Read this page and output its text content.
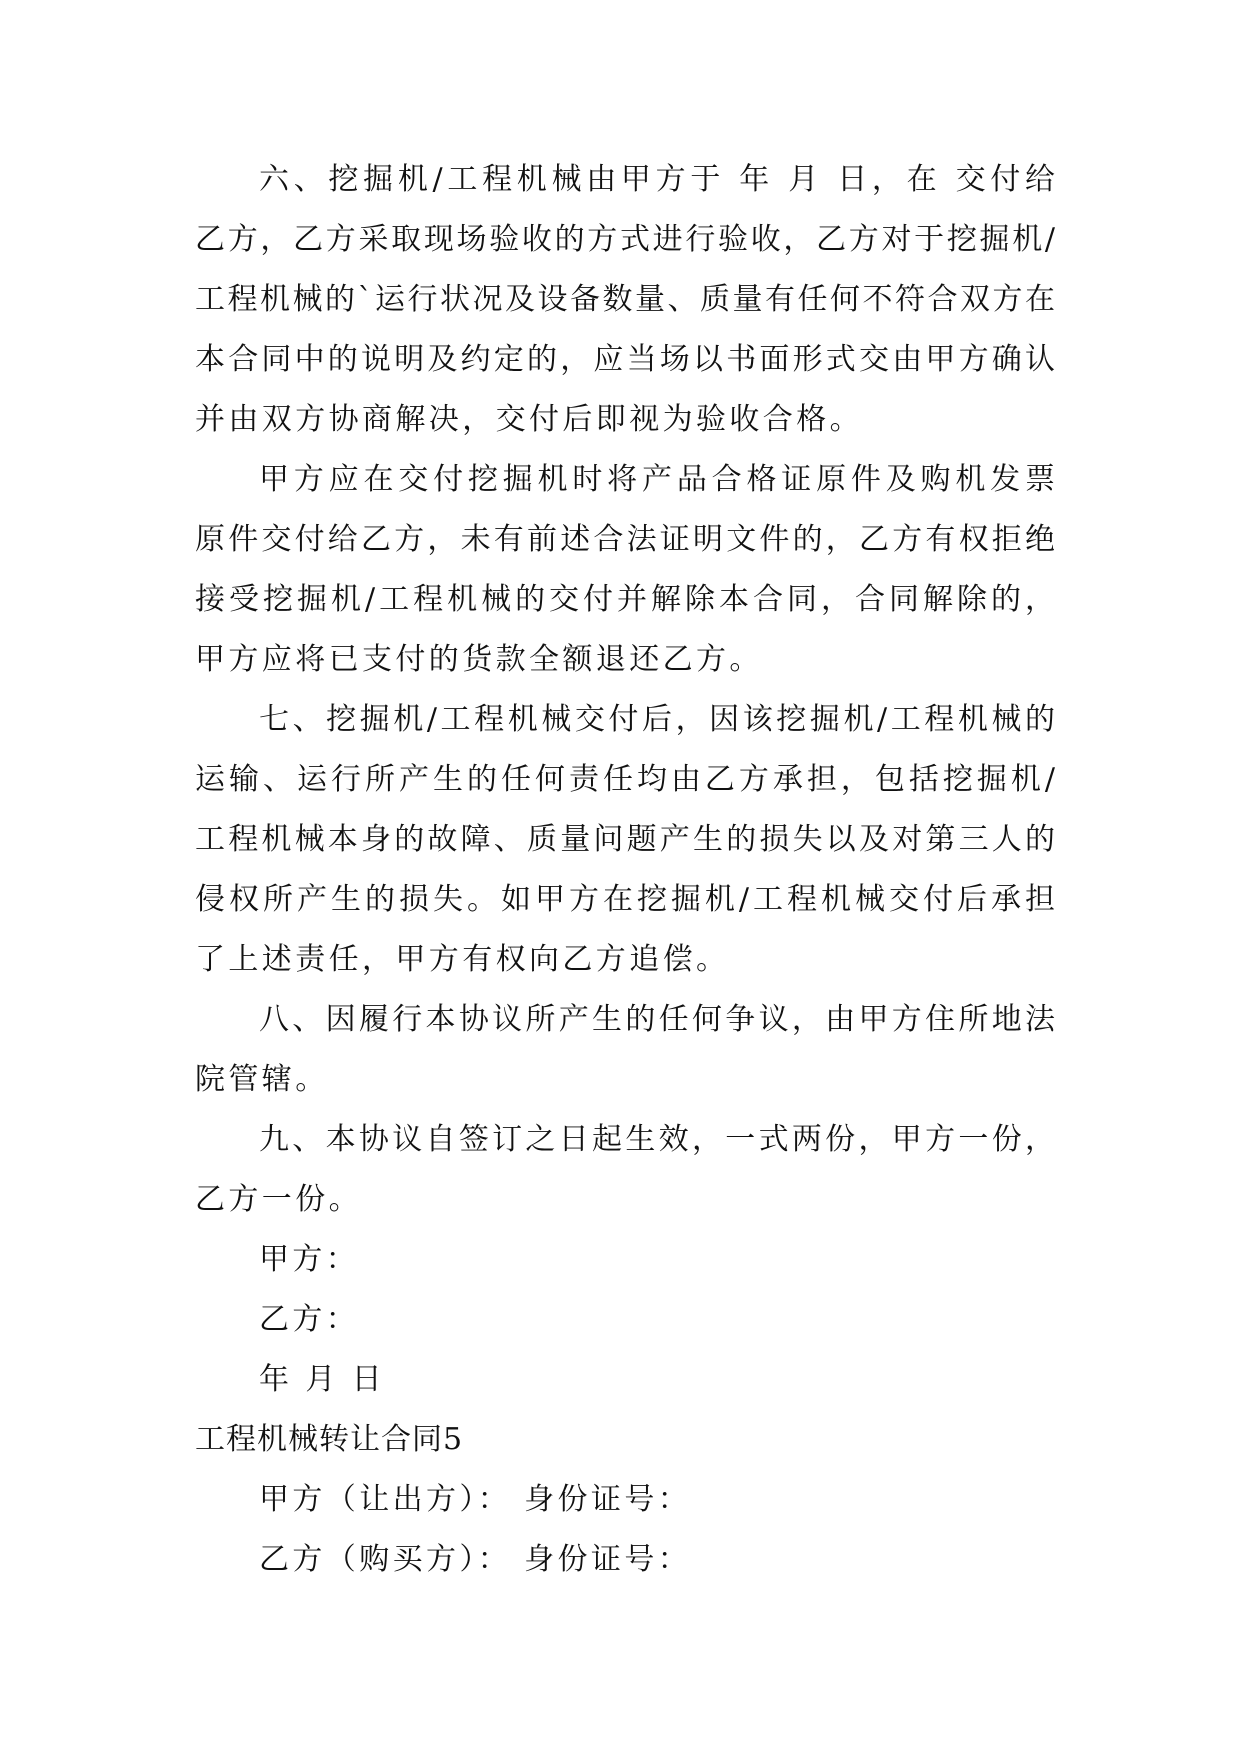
六、挖掘机/工程机械由甲方于 年 月 日，在 交付给
乙方，乙方采取现场验收的方式进行验收，乙方对于挖掘机/
工程机械的`运行状况及设备数量、质量有任何不符合双方在
本合同中的说明及约定的，应当场以书面形式交由甲方确认
并由双方协商解决，交付后即视为验收合格。
甲方应在交付挖掘机时将产品合格证原件及购机发票
原件交付给乙方，未有前述合法证明文件的，乙方有权拒绝
接受挖掘机/工程机械的交付并解除本合同，合同解除的，
甲方应将已支付的货款全额退还乙方。
七、挖掘机/工程机械交付后，因该挖掘机/工程机械的
运输、运行所产生的任何责任均由乙方承担，包括挖掘机/
工程机械本身的故障、质量问题产生的损失以及对第三人的
侵权所产生的损失。如甲方在挖掘机/工程机械交付后承担
了上述责任，甲方有权向乙方追偿。
八、因履行本协议所产生的任何争议，由甲方住所地法
院管辖。
九、本协议自签订之日起生效，一式两份，甲方一份，
乙方一份。
甲方：
乙方：
年 月 日
工程机械转让合同5
甲方（让出方）： 身份证号：
乙方（购买方）： 身份证号：
